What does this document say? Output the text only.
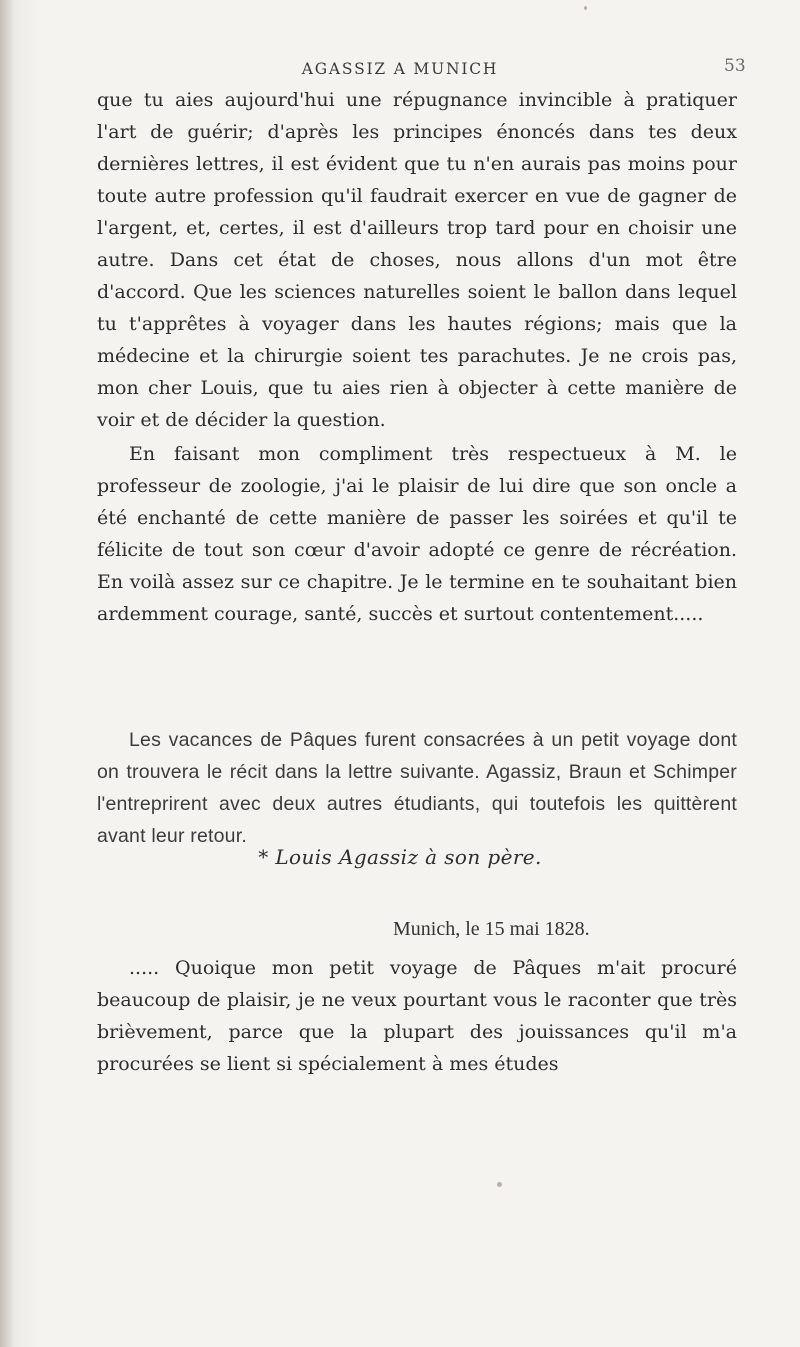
AGASSIZ A MUNICH	53

que tu aies aujourd'hui une répugnance invincible à pratiquer l'art de guérir; d'après les principes énoncés dans tes deux dernières lettres, il est évident que tu n'en aurais pas moins pour toute autre profession qu'il faudrait exercer en vue de gagner de l'argent, et, certes, il est d'ailleurs trop tard pour en choisir une autre. Dans cet état de choses, nous allons d'un mot être d'accord. Que les sciences naturelles soient le ballon dans lequel tu t'apprêtes à voyager dans les hautes régions; mais que la médecine et la chirurgie soient tes parachutes. Je ne crois pas, mon cher Louis, que tu aies rien à objecter à cette manière de voir et de décider la question.

En faisant mon compliment très respectueux à M. le professeur de zoologie, j'ai le plaisir de lui dire que son oncle a été enchanté de cette manière de passer les soirées et qu'il te félicite de tout son cœur d'avoir adopté ce genre de récréation. En voilà assez sur ce chapitre. Je le termine en te souhaitant bien ardemment courage, santé, succès et surtout contentement.....

Les vacances de Pâques furent consacrées à un petit voyage dont on trouvera le récit dans la lettre suivante. Agassiz, Braun et Schimper l'entreprirent avec deux autres étudiants, qui toutefois les quittèrent avant leur retour.

* Louis Agassiz à son père.
Munich, le 15 mai 1828.

..... Quoique mon petit voyage de Pâques m'ait procuré beaucoup de plaisir, je ne veux pourtant vous le raconter que très brièvement, parce que la plupart des jouissances qu'il m'a procurées se lient si spécialement à mes études
